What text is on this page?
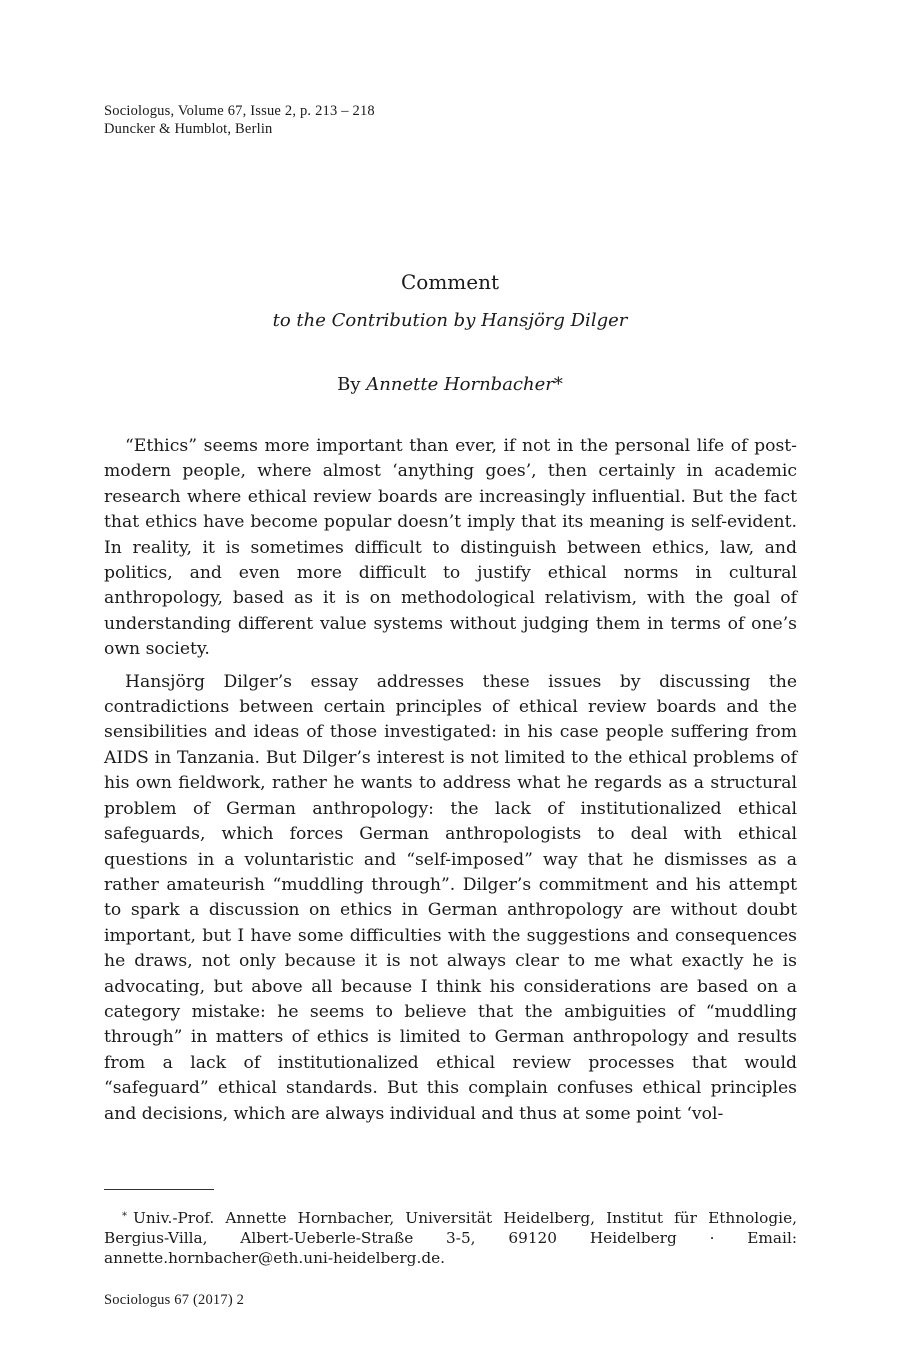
Sociologus, Volume 67, Issue 2, p. 213 – 218
Duncker & Humblot, Berlin
Comment
to the Contribution by Hansjörg Dilger
By Annette Hornbacher*

“Ethics” seems more important than ever, if not in the personal life of post-modern people, where almost ‘anything goes’, then certainly in academic research where ethical review boards are increasingly influential. But the fact that ethics have become popular doesn’t imply that its meaning is self-evident. In reality, it is sometimes difficult to distinguish between ethics, law, and politics, and even more difficult to justify ethical norms in cultural anthropology, based as it is on methodological relativism, with the goal of understanding different value systems without judging them in terms of one’s own society.

Hansjörg Dilger’s essay addresses these issues by discussing the contradictions between certain principles of ethical review boards and the sensibilities and ideas of those investigated: in his case people suffering from AIDS in Tanzania. But Dilger’s interest is not limited to the ethical problems of his own fieldwork, rather he wants to address what he regards as a structural problem of German anthropology: the lack of institutionalized ethical safeguards, which forces German anthropologists to deal with ethical questions in a voluntaristic and “self-imposed” way that he dismisses as a rather amateurish “muddling through”. Dilger’s commitment and his attempt to spark a discussion on ethics in German anthropology are without doubt important, but I have some difficulties with the suggestions and consequences he draws, not only because it is not always clear to me what exactly he is advocating, but above all because I think his considerations are based on a category mistake: he seems to believe that the ambiguities of “muddling through” in matters of ethics is limited to German anthropology and results from a lack of institutionalized ethical review processes that would “safeguard” ethical standards. But this complain confuses ethical principles and decisions, which are always individual and thus at some point ‘vol-

* Univ.-Prof. Annette Hornbacher, Universität Heidelberg, Institut für Ethnologie, Bergius-Villa, Albert-Ueberle-Straße 3-5, 69120 Heidelberg · Email: annette.hornbacher@eth.uni-heidelberg.de.

Sociologus 67 (2017) 2
